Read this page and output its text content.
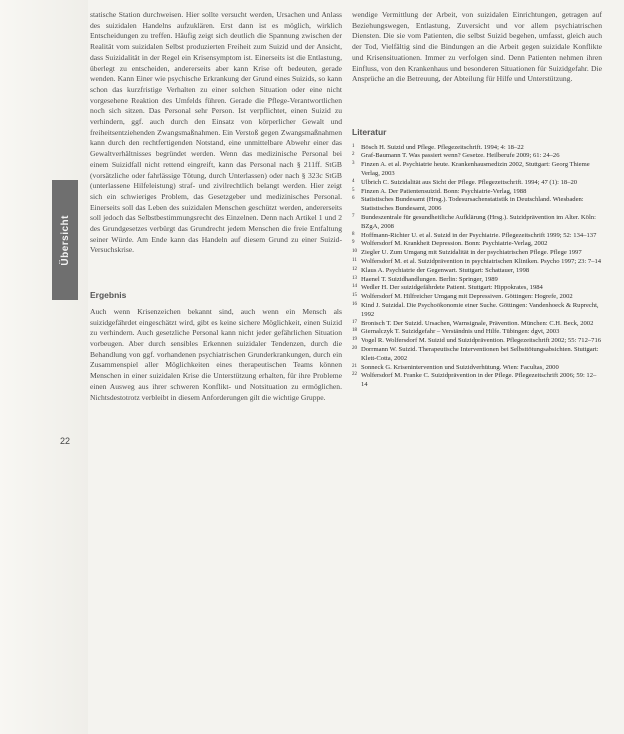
Übersicht
22

statische Station durchweisen. Hier sollte versucht werden, Ursachen und Anlass des suizidalen Handelns aufzuklären. Erst dann ist es möglich, wirklich Entscheidungen zu treffen. Häufig zeigt sich deutlich die Spannung zwischen der Realität vom suizidalen Selbst produzierten Freiheit zum Suizid und der Ansicht, dass Suizidalität in der Regel ein Krisensymptom ist. Einerseits ist die Entlastung, überlegt zu entscheiden, andererseits aber kann Krise oft bedeuten, gerade wenden. Kann Einer wie psychische Erkrankung der Grund eines Suizids, so kann schon das kurzfristige Verhalten zu einer solchen Situation oder eine nicht vorgesehene Reaktion des Umfelds führen. Gerade die Pflege-Verantwortlichen noch sich sitzen. Das Personal sehr Person. Ist verpflichtet, einen Suizid zu verhindern, ggf. auch durch den Einsatz von körperlicher Gewalt und freiheitsentziehenden Zwangsmaßnahmen. Ein Verstoß gegen Zwangsmaßnahmen kann durch den rechtfertigenden Notstand, eine unmittelbare Abwehr einer das Gewaltverhältnisses begründet werden. Wenn das medizinische Personal bei einem Suizidfall nicht rettend eingreift, kann das Personal nach § 211ff. StGB (vorsätzliche oder fahrlässige Tötung, durch Unterlassen) oder nach § 323c StGB (unterlassene Hilfeleistung) straf- und zivilrechtlich belangt werden. Hier zeigt sich ein schwieriges Problem, das Gesetzgeber und medizinisches Personal. Einerseits soll das Leben des suizidalen Menschen geschützt werden, andererseits soll jedoch das Selbstbestimmungsrecht des Einzelnen. Denn nach Artikel 1 und 2 des Grundgesetzes verbürgt das Grundrecht jedem Menschen die freie Entfaltung seiner Würde. Am Ende kann das Handeln auf diesem Grund zu einer Suizid-Versuchskrise.

Ergebnis

Auch wenn Krisenzeichen bekannt sind, auch wenn ein Mensch als suizidgefährdet eingeschätzt wird, gibt es keine sichere Möglichkeit, einen Suizid zu verhindern. Auch gesetzliche Personal kann nicht jeder gefährlichen Situation vorbeugen. Aber durch sensibles Erkennen suizidaler Tendenzen, durch die Behandlung von ggf. vorhandenen psychiatrischen Grunderkrankungen, durch ein Zusammenspiel aller Möglichkeiten eines therapeutischen Teams können Menschen in einer suizidalen Krise die Unterstützung erhalten, für ihre Probleme einen Ausweg aus ihrer schweren Konflikt- und Notsituation zu ermöglichen. Nichtsdestotrotz verbleibt in diesem Anforderungen gilt die wichtige Gruppe.

wendige Vermittlung der Arbeit, von suizidalen Einrichtungen, getragen auf Beziehungswegen, Entlastung, Zuversicht und vor allem psychiatrischen Diensten. Die sie vom Patienten, die selbst Suizid begehen, umfasst, gleich auch der Tod, Vielfältig sind die Bindungen an die Arbeit gegen suizidale Konflikte und Krisensituationen. Immer zu verfolgen sind. Denn Patienten nehmen ihren Einfluss, von den Krankenhaus und besonderen Situationen für Suizidgefahr. Die Ansprüche an die Betreuung, der Abteilung für Hilfe und Unterstützung.

Literatur
1 Bösch H. Suizid und Pflege. Pflegezeitschrift. 1994; 4: 18–22
2 Graf-Baumann T. Was passiert wenn? Gesetze. Heilberufe 2009; 61: 24–26
3 Finzen A. et al. Psychiatrie heute. Krankenhausmedizin 2002, Stuttgart: Georg Thieme Verlag, 2003
4 Ulbrich C. Suizidalität aus Sicht der Pflege. Pflegezeitschrift. 1994; 47 (1): 18–20
5 Finzen A. Der Patientensuizid. Bonn: Psychiatrie-Verlag, 1988
6 Statistisches Bundesamt (Hrsg.). Todesursachenstatistik in Deutschland. Wiesbaden: Statistisches Bundesamt, 2006
7 Bundeszentrale für gesundheitliche Aufklärung (Hrsg.). Suizidprävention im Alter. Köln: BZgA, 2008
8 Hoffmann-Richter U. et al. Suizid in der Psychiatrie. Pflegezeitschrift 1999; 52: 134–137
9 Wolfersdorf M. Krankheit Depression. Bonn: Psychiatrie-Verlag, 2002
10 Ziegler U. Zum Umgang mit Suizidalität in der psychiatrischen Pflege. Pflege 1997
11 Wolfersdorf M. et al. Suizidprävention in psychiatrischen Kliniken. Psycho 1997; 23: 7–14
12 Klaus A. Psychiatrie der Gegenwart. Stuttgart: Schattauer, 1998
13 Haenel T. Suizidhandlungen. Berlin: Springer, 1989
14 Wedler H. Der suizidgefährdete Patient. Stuttgart: Hippokrates, 1984
15 Wolfersdorf M. Hilfreicher Umgang mit Depressiven. Göttingen: Hogrefe, 2002
16 Kind J. Suizidal. Die Psychoökonomie einer Suche. Göttingen: Vandenhoeck & Ruprecht, 1992
17 Bronisch T. Der Suizid. Ursachen, Warnsignale, Prävention. München: C.H. Beck, 2002
18 Giernalczyk T. Suizidgefahr – Verständnis und Hilfe. Tübingen: dgvt, 2003
19 Vogel R. Wolfersdorf M. Suizid und Suizidprävention. Pflegezeitschrift 2002; 55: 712–716
20 Dorrmann W. Suizid. Therapeutische Interventionen bei Selbsttötungsabsichten. Stuttgart: Klett-Cotta, 2002
21 Sonneck G. Krisenintervention und Suizidverhütung. Wien: Facultas, 2000
22 Wolfersdorf M. Franke C. Suizidprävention in der Pflege. Pflegezeitschrift 2006; 59: 12–14
